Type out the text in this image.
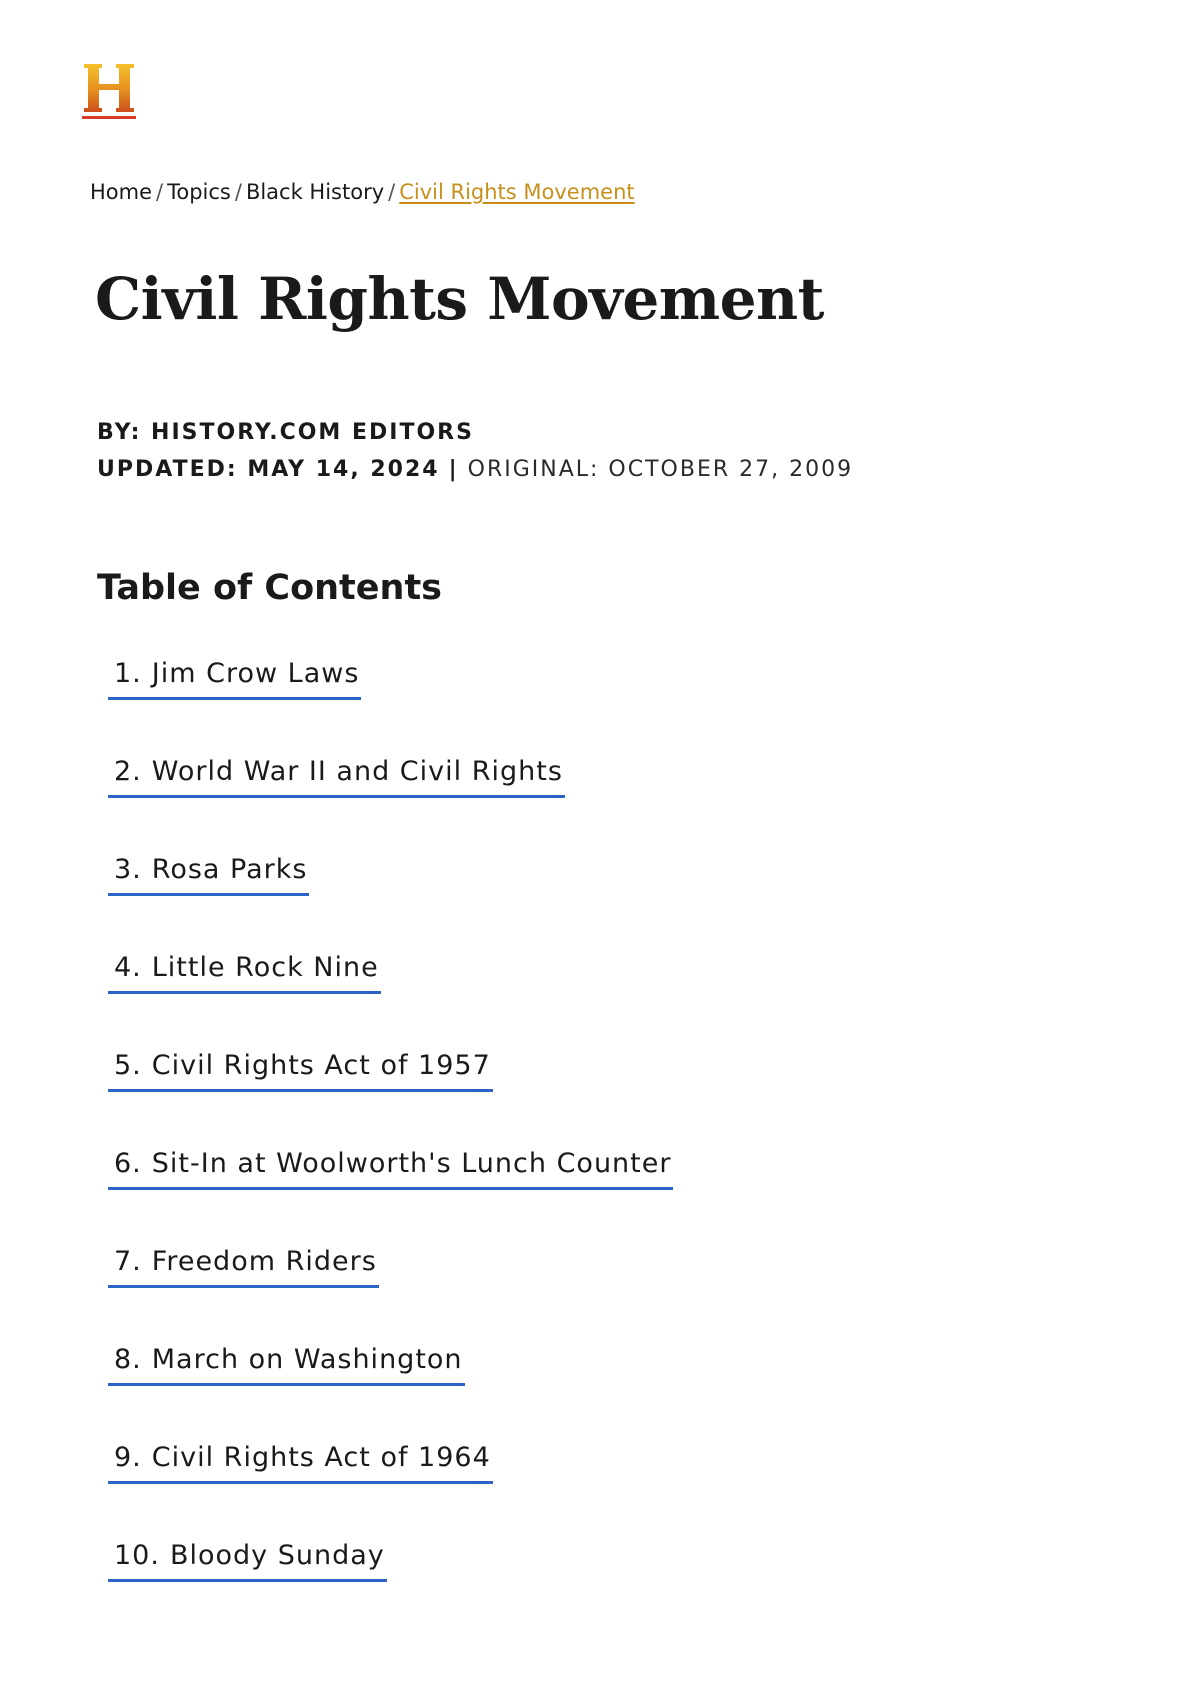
Home / Topics / Black History / Civil Rights Movement
Civil Rights Movement
BY: HISTORY.COM EDITORS
UPDATED: MAY 14, 2024 | ORIGINAL: OCTOBER 27, 2009
Table of Contents
1. Jim Crow Laws
2. World War II and Civil Rights
3. Rosa Parks
4. Little Rock Nine
5. Civil Rights Act of 1957
6. Sit-In at Woolworth's Lunch Counter
7. Freedom Riders
8. March on Washington
9. Civil Rights Act of 1964
10. Bloody Sunday
